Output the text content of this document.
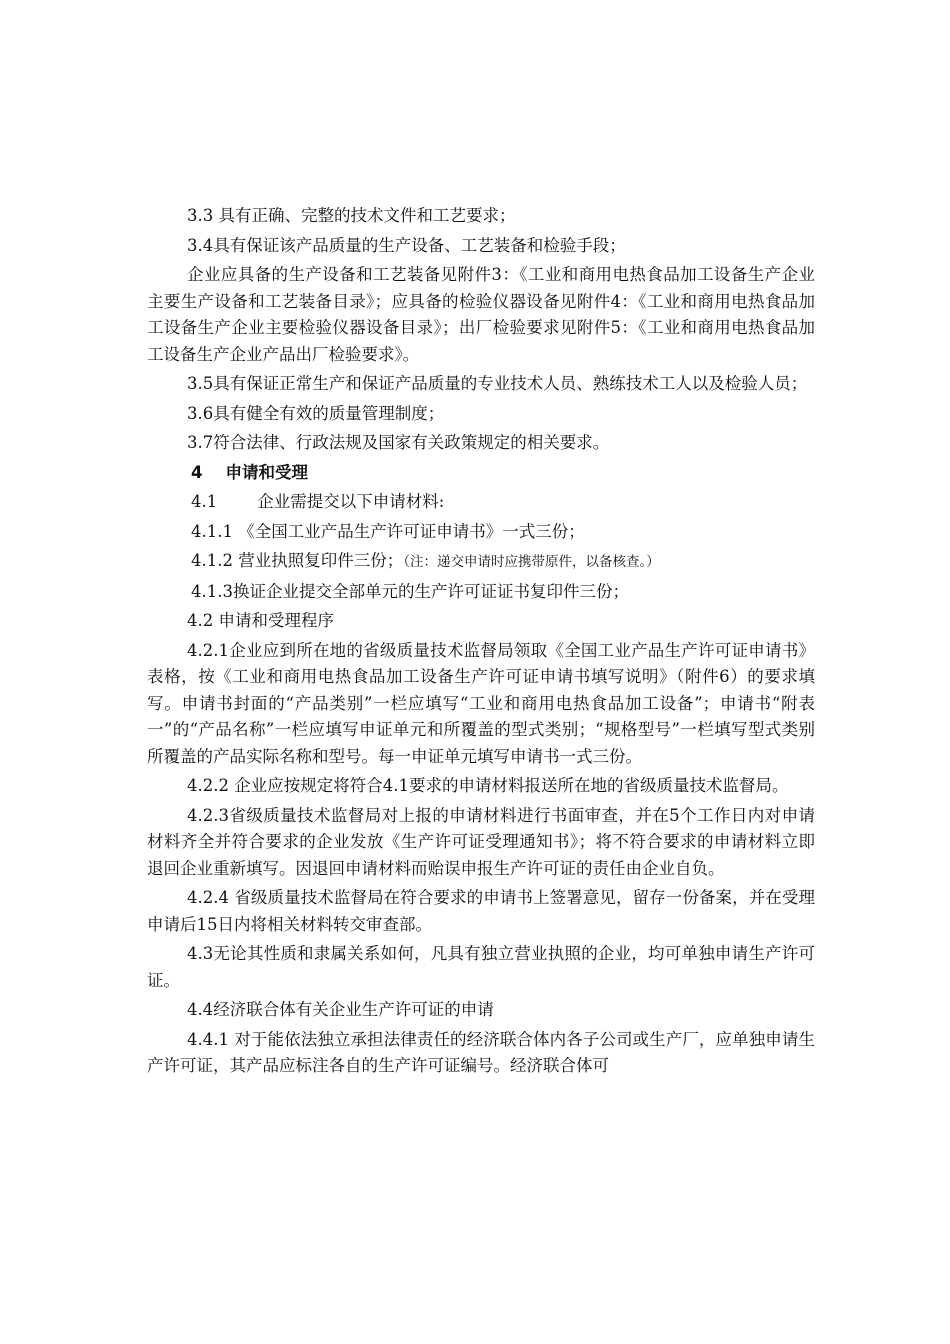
3.3 具有正确、完整的技术文件和工艺要求；

3.4具有保证该产品质量的生产设备、工艺装备和检验手段；

企业应具备的生产设备和工艺装备见附件3：《工业和商用电热食品加工设备生产企业主要生产设备和工艺装备目录》；应具备的检验仪器设备见附件4：《工业和商用电热食品加工设备生产企业主要检验仪器设备目录》；出厂检验要求见附件5：《工业和商用电热食品加工设备生产企业产品出厂检验要求》。

3.5具有保证正常生产和保证产品质量的专业技术人员、熟练技术工人以及检验人员；

3.6具有健全有效的质量管理制度；

3.7符合法律、行政法规及国家有关政策规定的相关要求。

4 申请和受理

4.1 企业需提交以下申请材料:

4.1.1 《全国工业产品生产许可证申请书》一式三份；

4.1.2 营业执照复印件三份；（注：递交申请时应携带原件，以备核查。）

4.1.3换证企业提交全部单元的生产许可证证书复印件三份；

4.2 申请和受理程序

4.2.1企业应到所在地的省级质量技术监督局领取《全国工业产品生产许可证申请书》表格，按《工业和商用电热食品加工设备生产许可证申请书填写说明》（附件6）的要求填写。申请书封面的“产品类别”一栏应填写“工业和商用电热食品加工设备”；申请书“附表一”的“产品名称”一栏应填写申证单元和所覆盖的型式类别；“规格型号”一栏填写型式类别所覆盖的产品实际名称和型号。每一申证单元填写申请书一式三份。

4.2.2 企业应按规定将符合4.1要求的申请材料报送所在地的省级质量技术监督局。

4.2.3省级质量技术监督局对上报的申请材料进行书面审查，并在5个工作日内对申请材料齐全并符合要求的企业发放《生产许可证受理通知书》；将不符合要求的申请材料立即退回企业重新填写。因退回申请材料而贻误申报生产许可证的责任由企业自负。

4.2.4 省级质量技术监督局在符合要求的申请书上签署意见，留存一份备案，并在受理申请后15日内将相关材料转交审查部。

4.3无论其性质和隶属关系如何，凡具有独立营业执照的企业，均可单独申请生产许可证。

4.4经济联合体有关企业生产许可证的申请

4.4.1 对于能依法独立承担法律责任的经济联合体内各子公司或生产厂，应单独申请生产许可证，其产品应标注各自的生产许可证编号。经济联合体可
